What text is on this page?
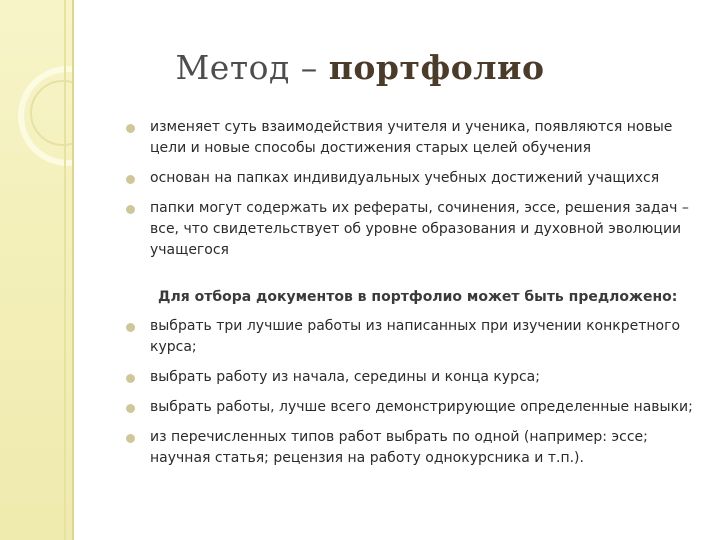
Метод – портфолио
изменяет суть взаимодействия учителя и ученика, появляются новые цели и новые способы достижения старых целей обучения
основан на папках индивидуальных учебных достижений учащихся
папки могут содержать их рефераты, сочинения, эссе, решения задач – все, что свидетельствует об уровне образования и духовной эволюции учащегося
Для отбора документов в портфолио может быть предложено:
выбрать три лучшие работы из написанных при изучении конкретного курса;
выбрать работу из начала, середины и конца курса;
выбрать работы, лучше всего демонстрирующие определенные навыки;
из перечисленных типов работ выбрать по одной (например: эссе; научная статья; рецензия на работу однокурсника и т.п.).
